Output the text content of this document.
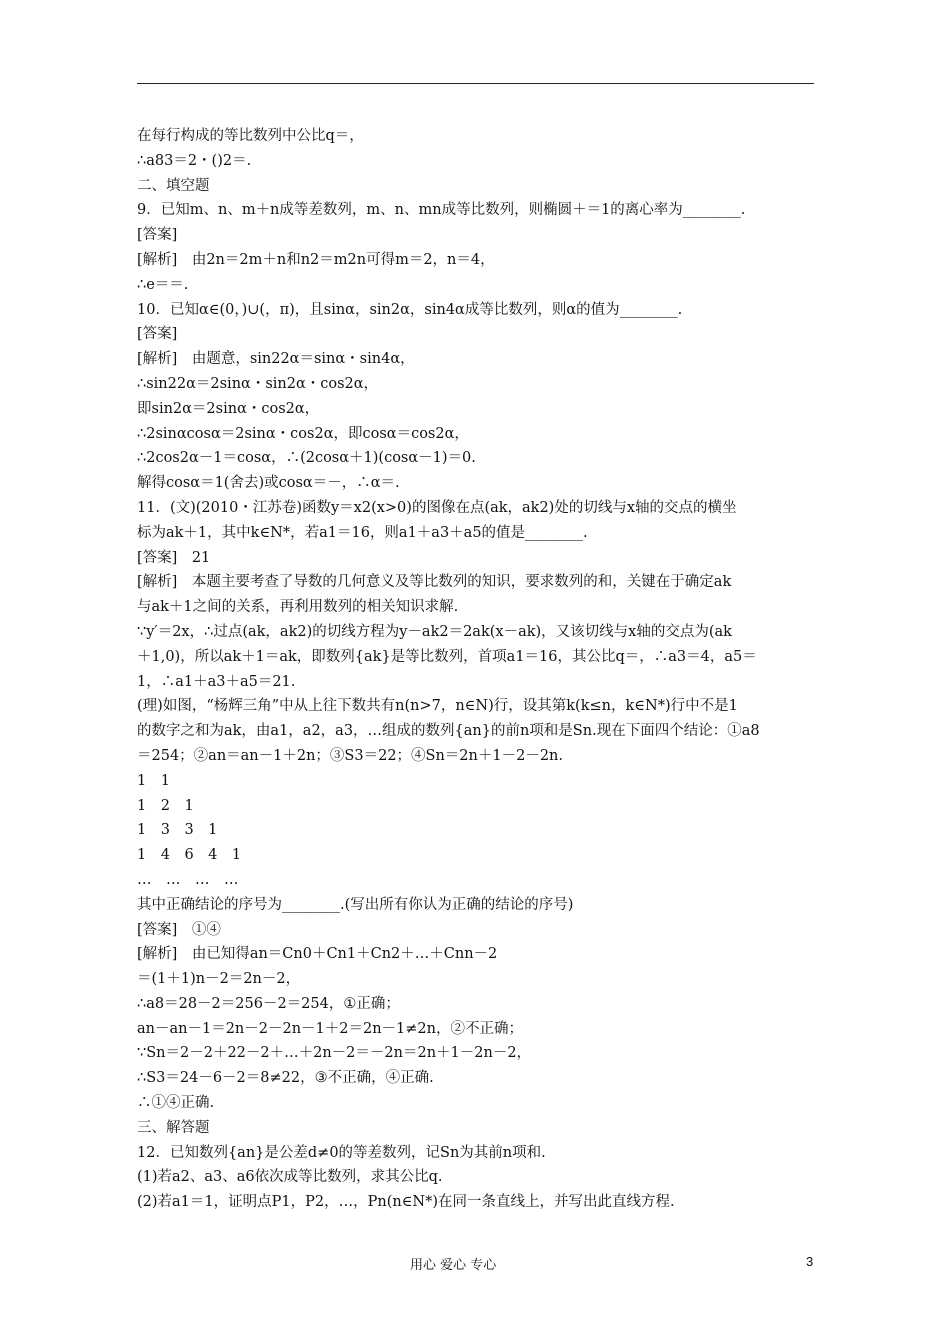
在每行构成的等比数列中公比q＝，
∴a83＝2・()2＝.
二、填空题
9．已知m、n、m＋n成等差数列，m、n、mn成等比数列，则椭圆＋＝1的离心率为________.
[答案]
[解析]　由2n＝2m＋n和n2＝m2n可得m＝2，n＝4，
∴e＝＝.
10．已知α∈(0，)∪(，π)，且sinα，sin2α，sin4α成等比数列，则α的值为________.
[答案]
[解析]　由题意，sin22α＝sinα・sin4α，
∴sin22α＝2sinα・sin2α・cos2α，
即sin2α＝2sinα・cos2α，
∴2sinαcosα＝2sinα・cos2α，即cosα＝cos2α，
∴2cos2α－1＝cosα，∴(2cosα＋1)(cosα－1)＝0.
解得cosα＝1(舍去)或cosα＝－，∴α＝.
11．(文)(2010・江苏卷)函数y＝x2(x>0)的图像在点(ak，ak2)处的切线与x轴的交点的横坐
标为ak＋1，其中k∈N*，若a1＝16，则a1＋a3＋a5的值是________.
[答案]　21
[解析]　本题主要考查了导数的几何意义及等比数列的知识，要求数列的和，关键在于确定ak
与ak＋1之间的关系，再利用数列的相关知识求解.
∵y′＝2x，∴过点(ak，ak2)的切线方程为y－ak2＝2ak(x－ak)，又该切线与x轴的交点为(ak
＋1,0)，所以ak＋1＝ak，即数列{ak}是等比数列，首项a1＝16，其公比q＝，∴a3＝4，a5＝
1，∴a1＋a3＋a5＝21.
(理)如图，“杨辉三角”中从上往下数共有n(n>7，n∈N)行，设其第k(k≤n，k∈N*)行中不是1
的数字之和为ak，由a1，a2，a3，…组成的数列{an}的前n项和是Sn.现在下面四个结论：①a8
＝254；②an＝an－1＋2n；③S3＝22；④Sn＝2n＋1－2－2n.
1　1
1　2　1
1　3　3　1
1　4　6　4　1
…　…　…　…
其中正确结论的序号为________.(写出所有你认为正确的结论的序号)
[答案]　①④
[解析]　由已知得an＝Cn0＋Cn1＋Cn2＋…＋Cnn－2
＝(1＋1)n－2＝2n－2，
∴a8＝28－2＝256－2＝254，①正确；
an－an－1＝2n－2－2n－1＋2＝2n－1≠2n，②不正确；
∵Sn＝2－2＋22－2＋…＋2n－2＝－2n＝2n＋1－2n－2，
∴S3＝24－6－2＝8≠22，③不正确，④正确.
∴①④正确.
三、解答题
12．已知数列{an}是公差d≠0的等差数列，记Sn为其前n项和.
(1)若a2、a3、a6依次成等比数列，求其公比q.
(2)若a1＝1，证明点P1，P2，…，Pn(n∈N*)在同一条直线上，并写出此直线方程.
用心 爱心 专心	3
